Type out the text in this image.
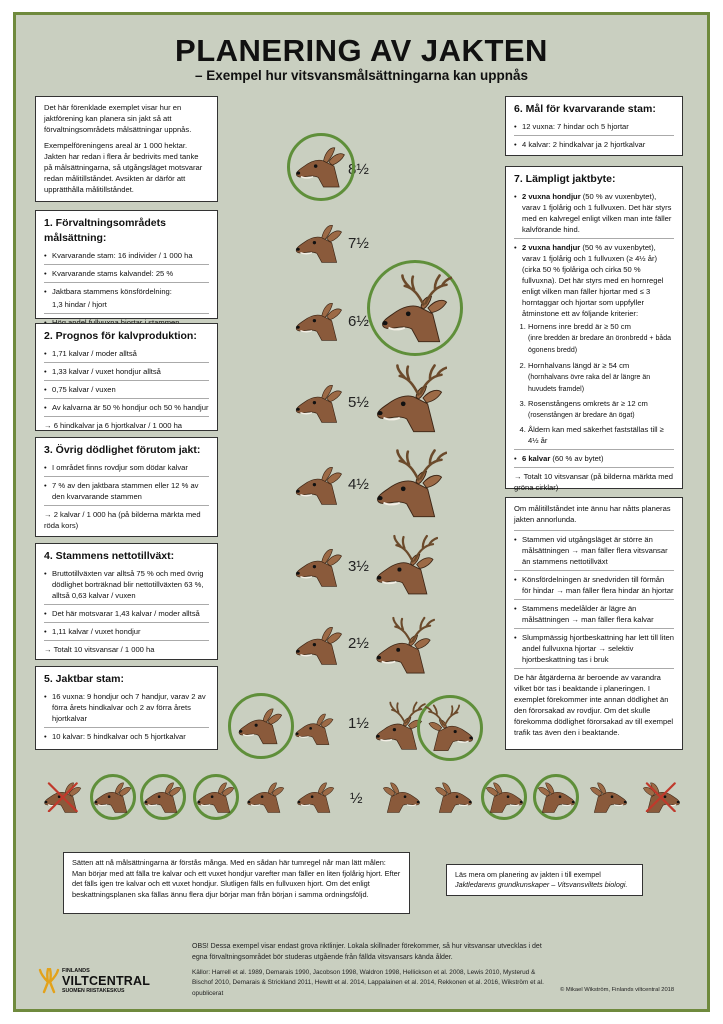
PLANERING AV JAKTEN
– Exempel hur vitsvansmålsättningarna kan uppnås

Det här förenklade exemplet visar hur en jaktförening kan planera sin jakt så att förvaltningsområdets målsättningar uppnås.

Exempelföreningens areal är 1 000 hektar. Jakten har redan i flera år bedrivits med tanke på målsättningarna, så utgångsläget motsvarar redan målitillståndet. Avsikten är därför att upprätthålla målitillståndet.

1. Förvaltningsområdets målsättning:
• Kvarvarande stam: 16 individer / 1 000 ha
• Kvarvarande stams kalvandel: 25 %
• Jaktbara stammens könsfördelning:
1,3 hindar / hjort
•
2. Prognos för kalvproduktion:
• 1,71 kalvar / moder alltså
• 1,33 kalvar / vuxet hondjur alltså
• 0,75 kalvar / vuxen
• Av kalvarna är 50 % hondjur och 50 % handjur
→ 6 hindkalvar ja 6 hjortkalvar / 1 000 ha
3. Övrig dödlighet förutom jakt:
• I området finns rovdjur som dödar kalvar
• 7 % av den jaktbara stammen eller 12 % av den kvarvarande stammen
→ 2 kalvar / 1 000 ha (på bilderna märkta med röda kors)
4. Stammens nettotillväxt:
• Bruttotillväxten var alltså 75 % och med övrig dödlighet borträknad blir nettotillväxten 63 %, alltså 0,63 kalvar / vuxen
• Det här motsvarar 1,43 kalvar / moder alltså
• 1,11 kalvar / vuxet hondjur
→ Totalt 10 vitsvansar / 1 000 ha
5. Jaktbar stam:
• 16 vuxna: 9 hondjur och 7 handjur, varav 2 av förra årets hindkalvar och 2 av förra årets hjortkalvar
• 10 kalvar: 5 hindkalvar och 5 hjortkalvar
6. Mål för kvarvarande stam:
• 12 vuxna: 7 hindar och 5 hjortar
• 4 kalvar: 2 hindkalvar ja 2 hjortkalvar
7. Lämpligt jaktbyte:
• 2 vuxna hondjur (50 % av vuxenbytet), varav 1 fjolårig och 1 fullvuxen. Det här styrs med en kalvregel enligt vilken man inte fäller kalvförande hind.
• 2 vuxna handjur (50 % av vuxenbytet), varav 1 fjolårig och 1 fullvuxen (≥ 4½ år) (cirka 50 % fjolåriga och cirka 50 % fullvuxna). Det här styrs med en hornregel enligt vilken man fäller hjortar med ≤ 3 horntaggar och hjortar som uppfyller åtminstone ett av följande kriterier:
1. Hornens inre bredd är ≥ 50 cm
(inre bredden är bredare än öronbredd + båda ögonens bredd)
2. Hornhalvans längd är ≥ 54 cm
(hornhalvans övre raka del är längre än huvudets framdel)
3. Rosenstångens omkrets är ≥ 12 cm
(rosenstången är bredare än ögat)
4. Åldern kan med säkerhet fastställas till ≥ 4½ år
• 6 kalvar (60 % av bytet)
→ Totalt 10 vitsvansar (på bilderna märkta med gröna cirklar)

Om målitillståndet inte ännu har nåtts planeras jakten annorlunda.

• Stammen vid utgångsläget är större än målsättningen → man fäller flera vitsvansar än stammens nettotillväxt
• Könsfördelningen är snedvriden till förmån för hindar → man fäller flera hindar än hjortar
• Stammens medelålder är lägre än målsättningen → man fäller flera kalvar
• Slumpmässig hjortbeskattning har lett till liten andel fullvuxna hjortar → selektiv hjortbeskattning tas i bruk

De här åtgärderna är beroende av varandra vilket bör tas i beaktande i planeringen. I exemplet förekommer inte annan dödlighet än den förorsakad av rovdjur. Om det skulle förekomma dödlighet förorsakad av till exempel trafik tas även den i beaktande.

8½
7½
6½
5½
4½
3½
2½
1½
½
Sätten att nå målsättningarna är förstås många. Med en sådan här tumregel når man lätt målen: Man börjar med att fälla tre kalvar och ett vuxet hondjur varefter man fäller en liten fjolårig hjort. Efter det fälls igen tre kalvar och ett vuxet hondjur. Slutligen fälls en fullvuxen hjort. Om det enligt beskattningsplanen ska fällas ännu flera djur börjar man från början i samma ordningsföljd.
Läs mera om planering av jakten i till exempel
Jaktledarens grundkunskaper – Vitsvansviltets biologi.
OBS! Dessa exempel visar endast grova riktlinjer. Lokala skillnader förekommer, så hur vitsvansar utvecklas i det egna förvaltningsområdet bör studeras utgående från fällda vitsvansars kända ålder.
Källor: Harrell et al. 1989, Demarais 1990, Jacobson 1998, Waldron 1998, Hellickson et al. 2008, Lewis 2010, Mysterud & Bischof 2010, Demarais & Strickland 2011, Hewitt et al. 2014, Lappalainen et al. 2014, Rekkonen et al. 2016, Wikström et al. opublicerat	© Mikael Wikström, Finlands viltcentral 2018
FINLANDS
VILTCENTRAL
SUOMEN RIISTAKESKUS
